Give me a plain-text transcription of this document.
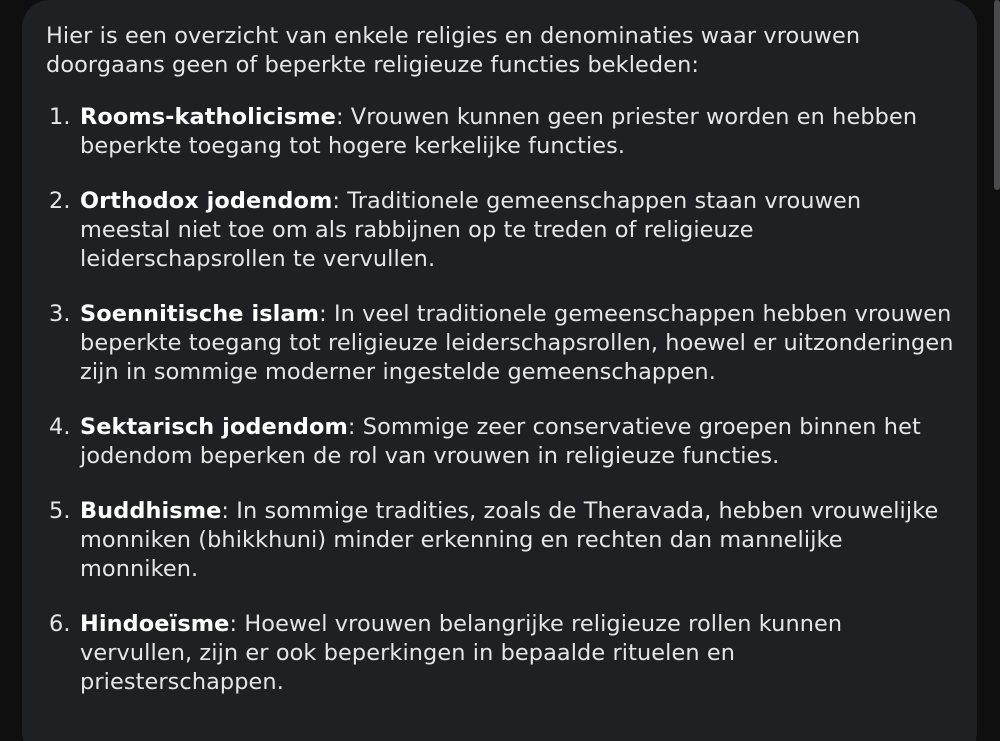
Hier is een overzicht van enkele religies en denominaties waar vrouwen doorgaans geen of beperkte religieuze functies bekleden:

1. Rooms-katholicisme: Vrouwen kunnen geen priester worden en hebben beperkte toegang tot hogere kerkelijke functies.
2. Orthodox jodendom: Traditionele gemeenschappen staan vrouwen meestal niet toe om als rabbijnen op te treden of religieuze leiderschapsrollen te vervullen.
3. Soennitische islam: In veel traditionele gemeenschappen hebben vrouwen beperkte toegang tot religieuze leiderschapsrollen, hoewel er uitzonderingen zijn in sommige moderner ingestelde gemeenschappen.
4. Sektarisch jodendom: Sommige zeer conservatieve groepen binnen het jodendom beperken de rol van vrouwen in religieuze functies.
5. Buddhisme: In sommige tradities, zoals de Theravada, hebben vrouwelijke monniken (bhikkhuni) minder erkenning en rechten dan mannelijke monniken.
6. Hindoeïsme: Hoewel vrouwen belangrijke religieuze rollen kunnen vervullen, zijn er ook beperkingen in bepaalde rituelen en priesterschappen.
